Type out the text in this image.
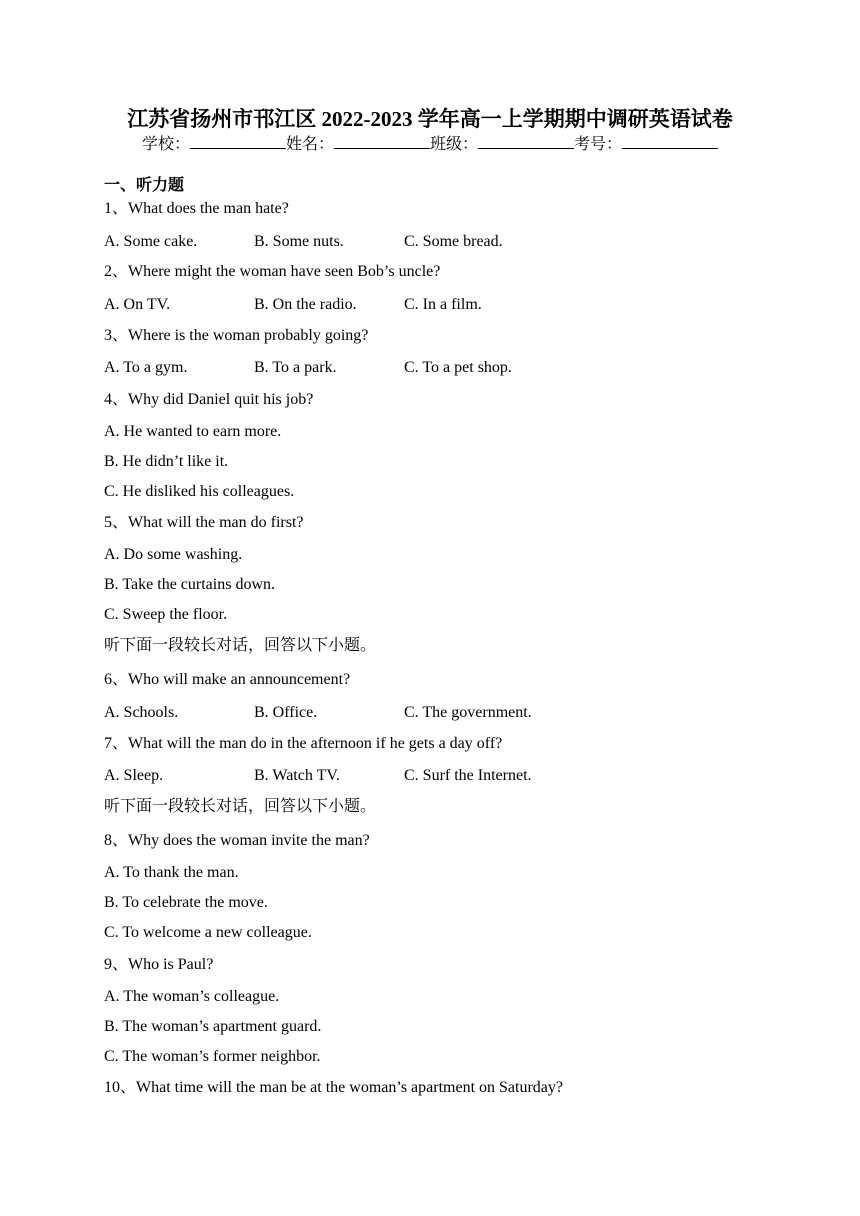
江苏省扬州市邗江区 2022-2023 学年高一上学期期中调研英语试卷
学校：	姓名：	班级：	考号：
一、听力题
1、What does the man hate?
A. Some cake.	B. Some nuts.	C. Some bread.
2、Where might the woman have seen Bob’s uncle?
A. On TV.	B. On the radio.	C. In a film.
3、Where is the woman probably going?
A. To a gym.	B. To a park.	C. To a pet shop.
4、Why did Daniel quit his job?
A. He wanted to earn more.
B. He didn’t like it.
C. He disliked his colleagues.
5、What will the man do first?
A. Do some washing.
B. Take the curtains down.
C. Sweep the floor.
听下面一段较长对话，回答以下小题。
6、Who will make an announcement?
A. Schools.	B. Office.	C. The government.
7、What will the man do in the afternoon if he gets a day off?
A. Sleep.	B. Watch TV.	C. Surf the Internet.
听下面一段较长对话，回答以下小题。
8、Why does the woman invite the man?
A. To thank the man.
B. To celebrate the move.
C. To welcome a new colleague.
9、Who is Paul?
A. The woman’s colleague.
B. The woman’s apartment guard.
C. The woman’s former neighbor.
10、What time will the man be at the woman’s apartment on Saturday?
